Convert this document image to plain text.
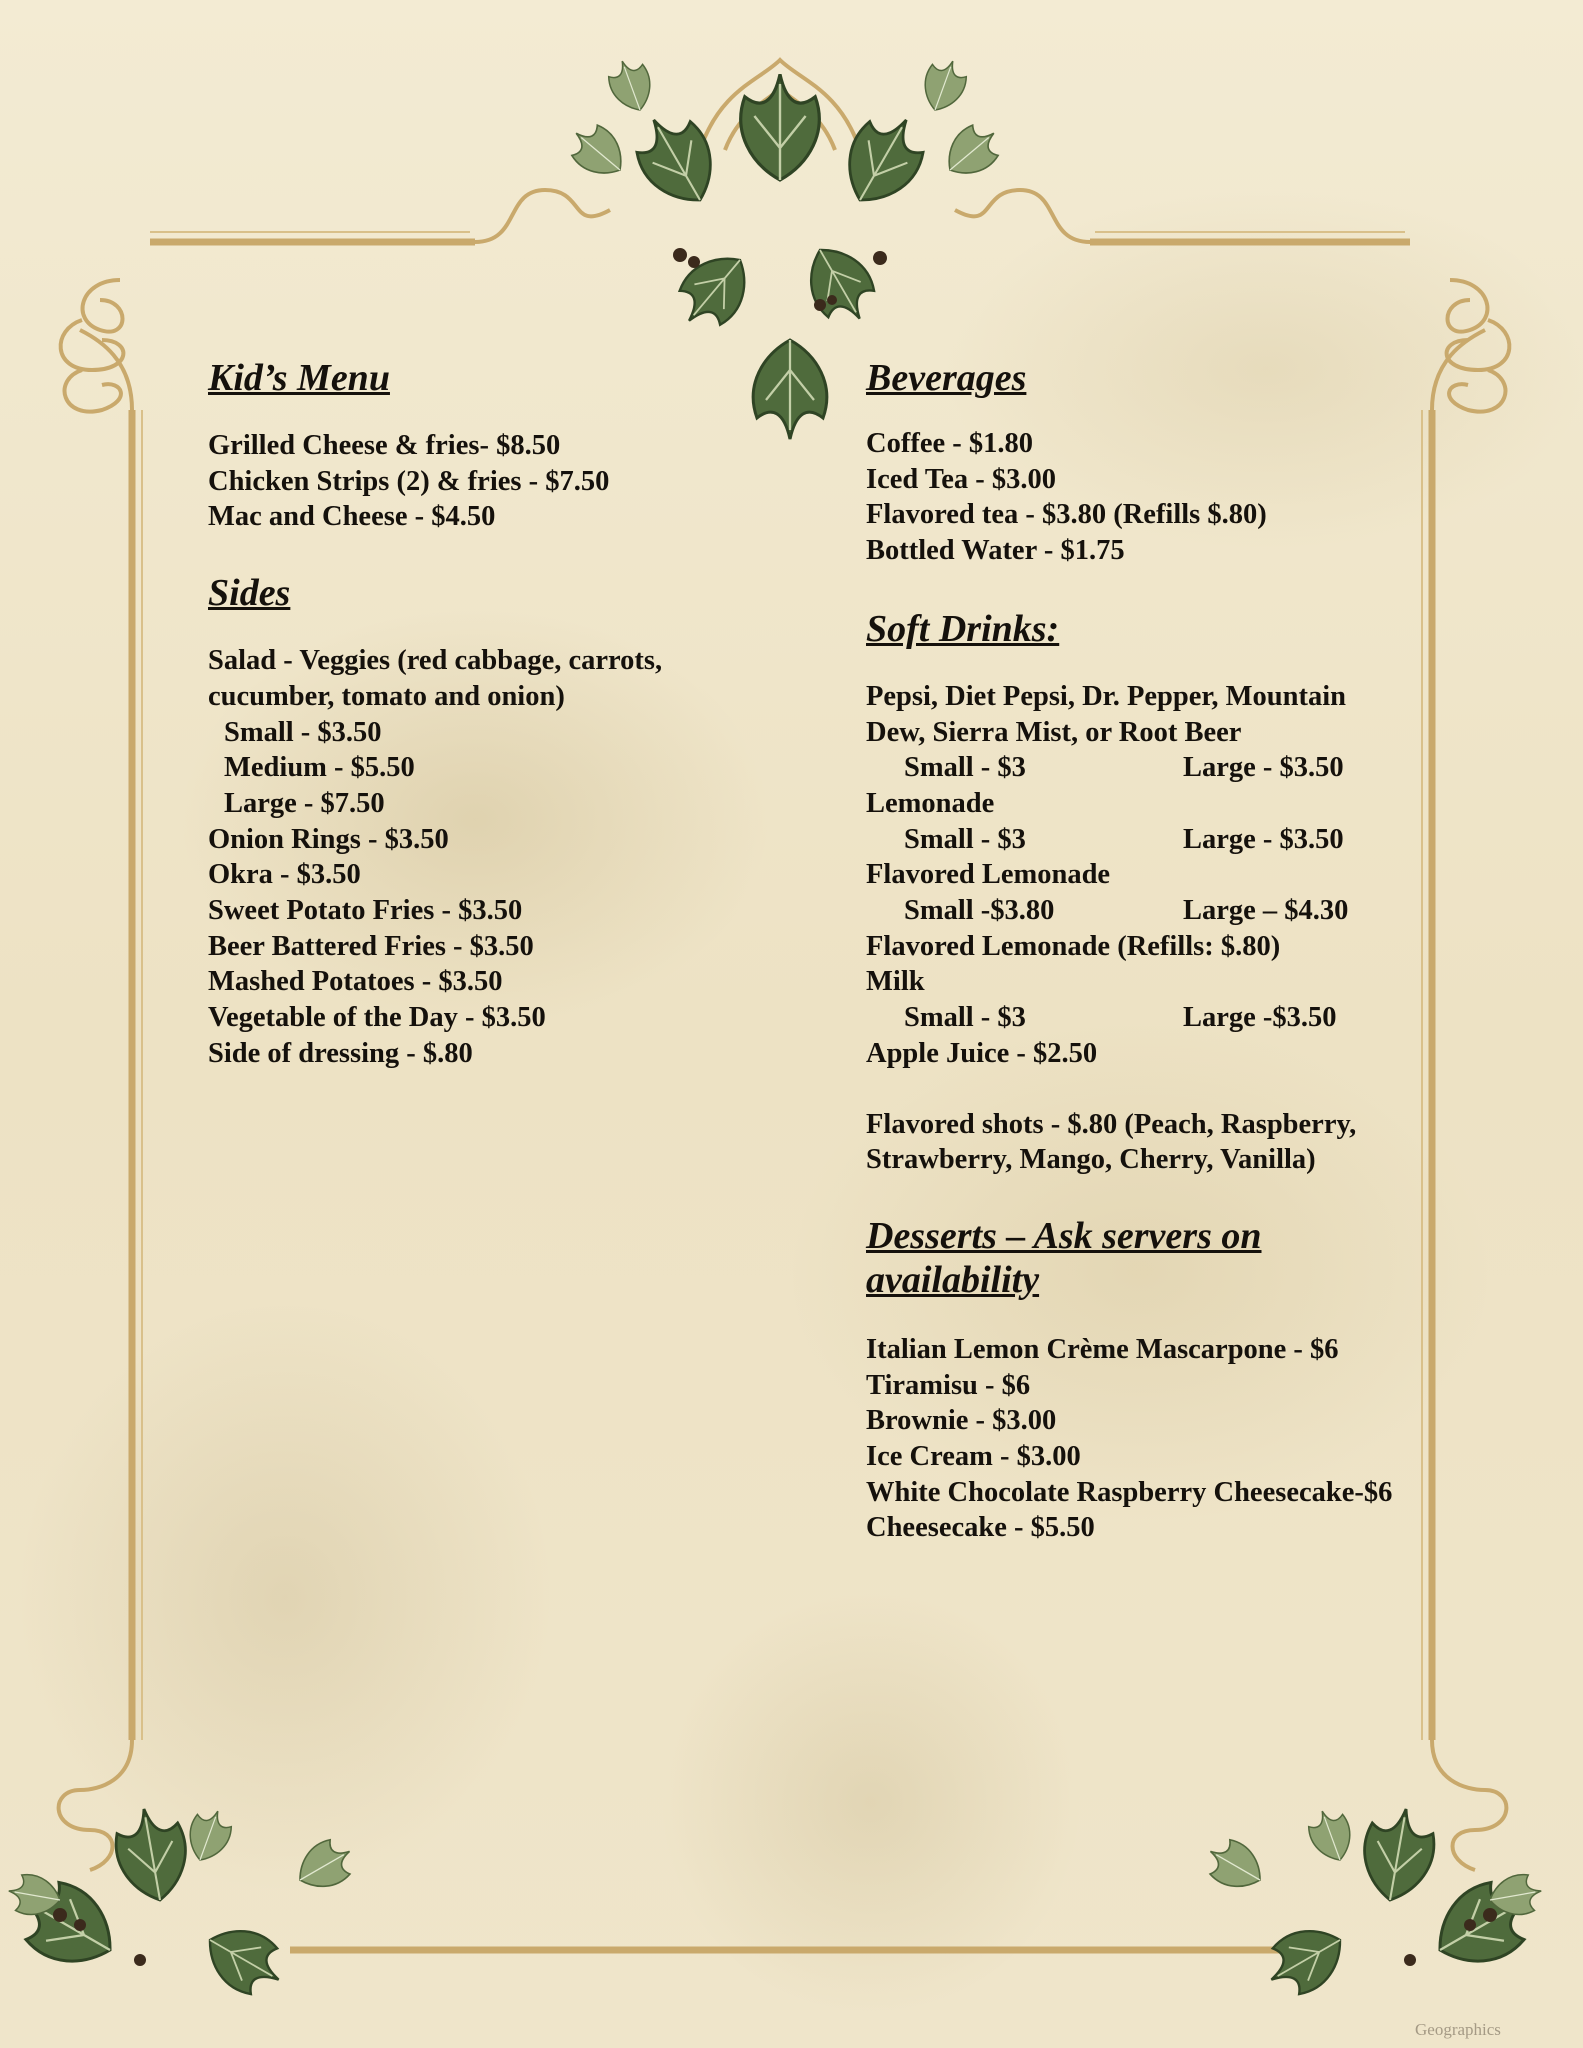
Kid’s Menu

Grilled Cheese & fries- $8.50

Chicken Strips (2) & fries - $7.50

Mac and Cheese - $4.50

Sides

Salad - Veggies (red cabbage, carrots,

cucumber, tomato and onion)

Small - $3.50

Medium - $5.50

Large - $7.50

Onion Rings - $3.50

Okra - $3.50

Sweet Potato Fries - $3.50

Beer Battered Fries - $3.50

Mashed Potatoes - $3.50

Vegetable of the Day - $3.50

Side of dressing - $.80

Beverages

Coffee - $1.80

Iced Tea - $3.00

Flavored tea - $3.80 (Refills $.80)

Bottled Water - $1.75

Soft Drinks:

Pepsi, Diet Pepsi, Dr. Pepper, Mountain

Dew, Sierra Mist, or Root Beer

Small - $3	Large - $3.50

Lemonade

Small - $3	Large - $3.50

Flavored Lemonade

Small -$3.80	Large – $4.30

Flavored Lemonade (Refills: $.80)

Milk

Small - $3	Large -$3.50

Apple Juice - $2.50

Flavored shots - $.80 (Peach, Raspberry,

Strawberry, Mango, Cherry, Vanilla)

Desserts – Ask servers on

availability

Italian Lemon Crème Mascarpone - $6

Tiramisu - $6

Brownie - $3.00

Ice Cream - $3.00

White Chocolate Raspberry Cheesecake-$6

Cheesecake - $5.50

Geographics
